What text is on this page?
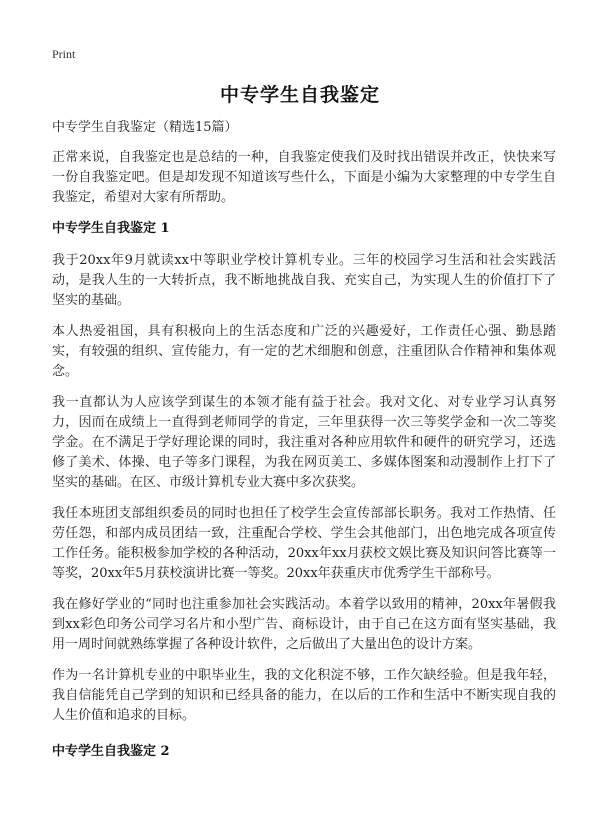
Print
中专学生自我鉴定
中专学生自我鉴定（精选15篇）

正常来说，自我鉴定也是总结的一种，自我鉴定使我们及时找出错误并改正，快快来写一份自我鉴定吧。但是却发现不知道该写些什么，下面是小编为大家整理的中专学生自我鉴定，希望对大家有所帮助。

中专学生自我鉴定 1

我于20xx年9月就读xx中等职业学校计算机专业。三年的校园学习生活和社会实践活动，是我人生的一大转折点，我不断地挑战自我、充实自己，为实现人生的价值打下了坚实的基础。

本人热爱祖国，具有积极向上的生活态度和广泛的兴趣爱好，工作责任心强、勤恳踏实，有较强的组织、宣传能力，有一定的艺术细胞和创意，注重团队合作精神和集体观念。

我一直都认为人应该学到谋生的本领才能有益于社会。我对文化、对专业学习认真努力，因而在成绩上一直得到老师同学的肯定，三年里获得一次三等奖学金和一次二等奖学金。在不满足于学好理论课的同时，我注重对各种应用软件和硬件的研究学习，还选修了美术、体操、电子等多门课程，为我在网页美工、多媒体图案和动漫制作上打下了坚实的基础。在区、市级计算机专业大赛中多次获奖。

我任本班团支部组织委员的同时也担任了校学生会宣传部部长职务。我对工作热情、任劳任怨，和部内成员团结一致，注重配合学校、学生会其他部门，出色地完成各项宣传工作任务。能积极参加学校的各种活动，20xx年xx月获校文娱比赛及知识问答比赛等一等奖，20xx年5月获校演讲比赛一等奖。20xx年获重庆市优秀学生干部称号。

我在修好学业的“同时也注重参加社会实践活动。本着学以致用的精神，20xx年暑假我到xx彩色印务公司学习名片和小型广告、商标设计，由于自己在这方面有坚实基础，我用一周时间就熟练掌握了各种设计软件，之后做出了大量出色的设计方案。

作为一名计算机专业的中职毕业生，我的文化积淀不够，工作欠缺经验。但是我年轻，我自信能凭自己学到的知识和已经具备的能力，在以后的工作和生活中不断实现自我的人生价值和追求的目标。

中专学生自我鉴定 2
